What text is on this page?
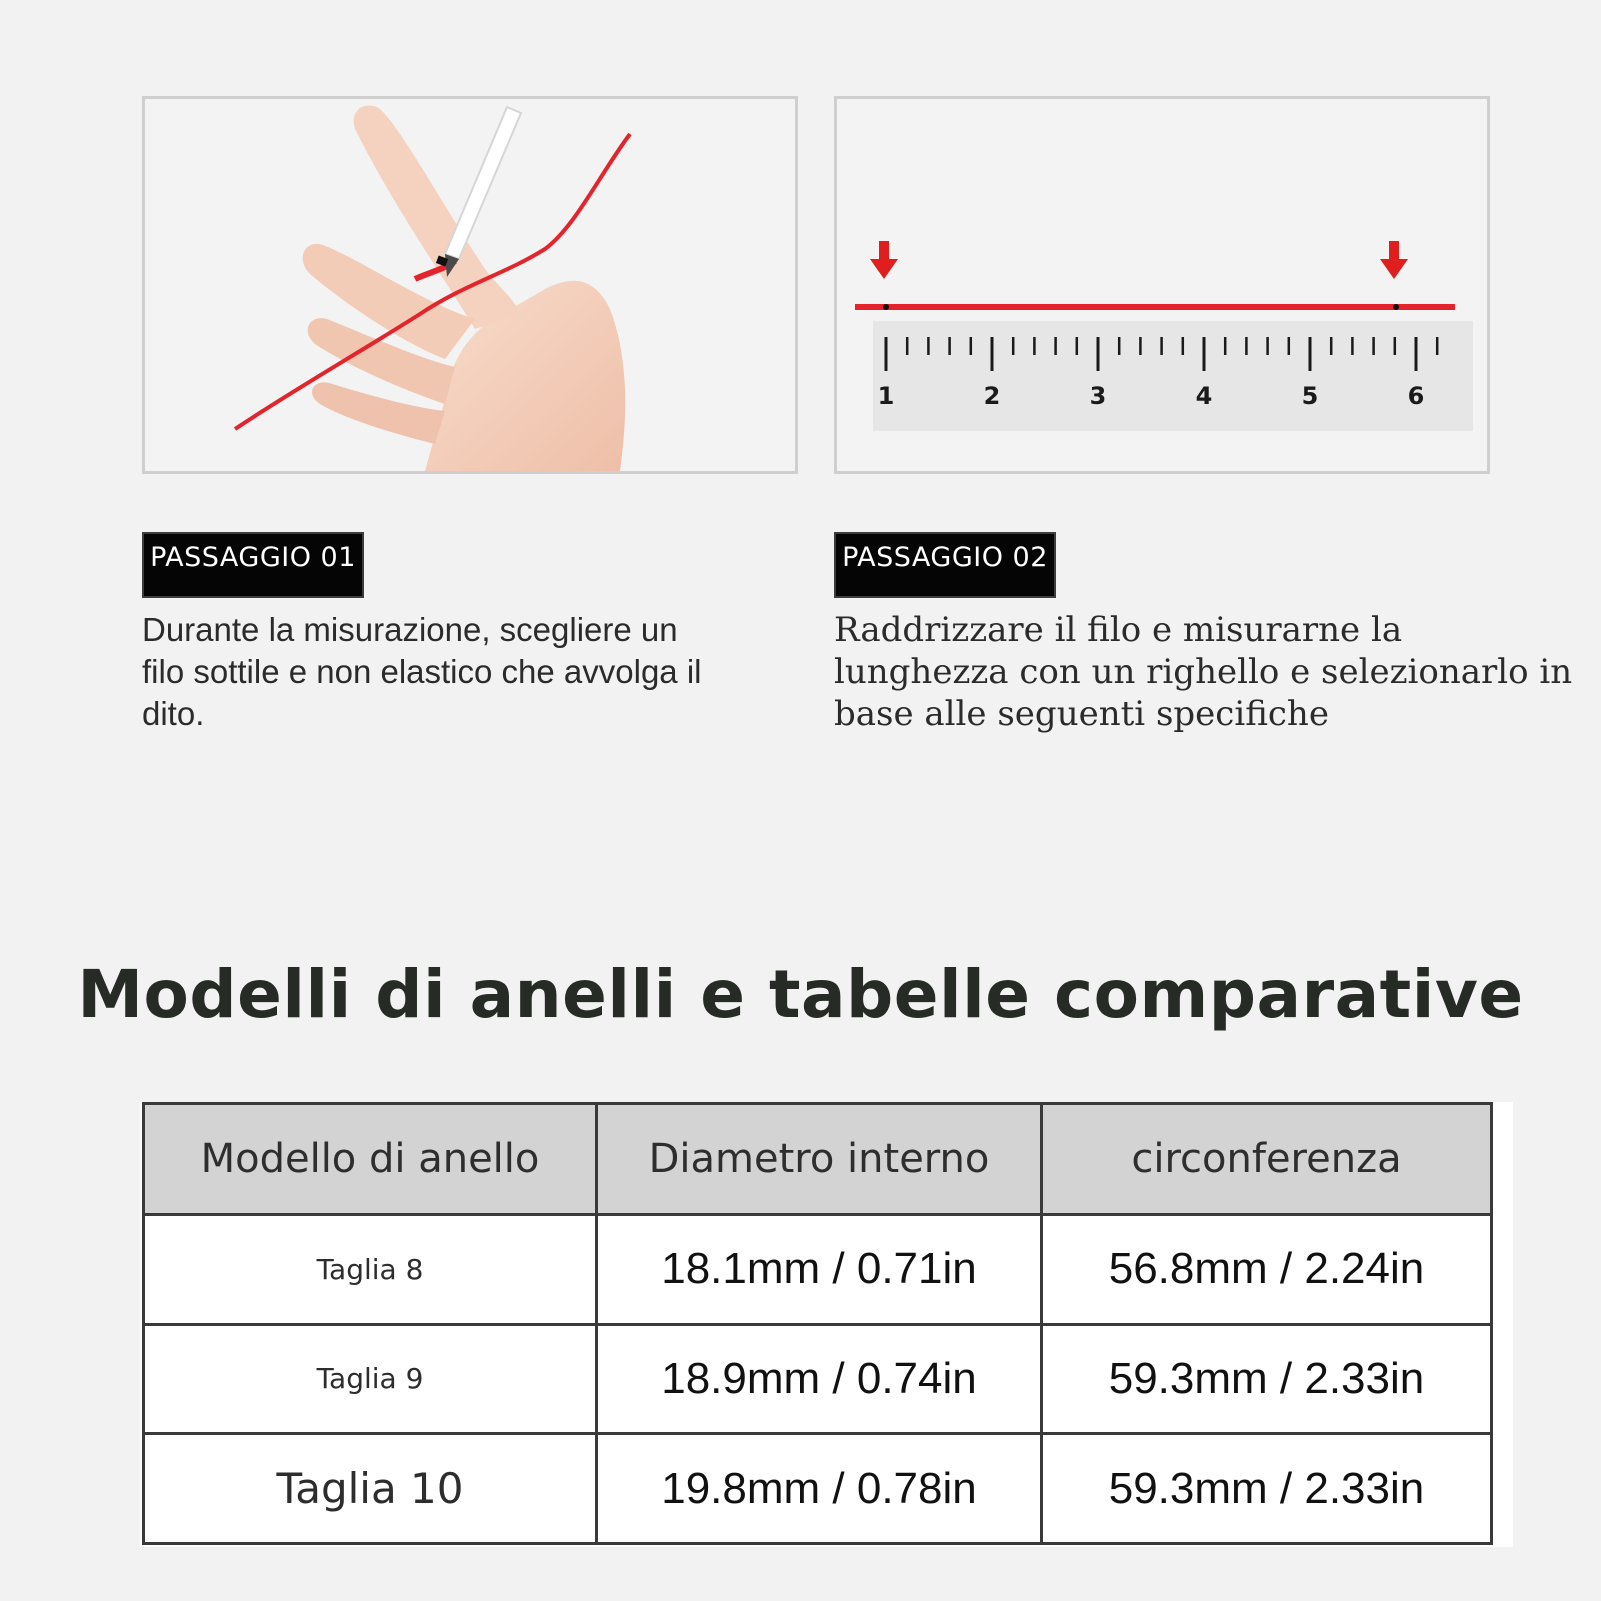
1	2	3	4	5	6
PASSAGGIO 01	PASSAGGIO 02
Durante la misurazione, scegliere un filo sottile e non elastico che avvolga il dito.
Raddrizzare il filo e misurarne la lunghezza con un righello e selezionarlo in base alle seguenti specifiche
Modelli di anelli e tabelle comparative
Modello di anello	Diametro interno	circonferenza
Taglia 8	18.1mm / 0.71in	56.8mm / 2.24in
Taglia 9	18.9mm / 0.74in	59.3mm / 2.33in
Taglia 10	19.8mm / 0.78in	59.3mm / 2.33in
